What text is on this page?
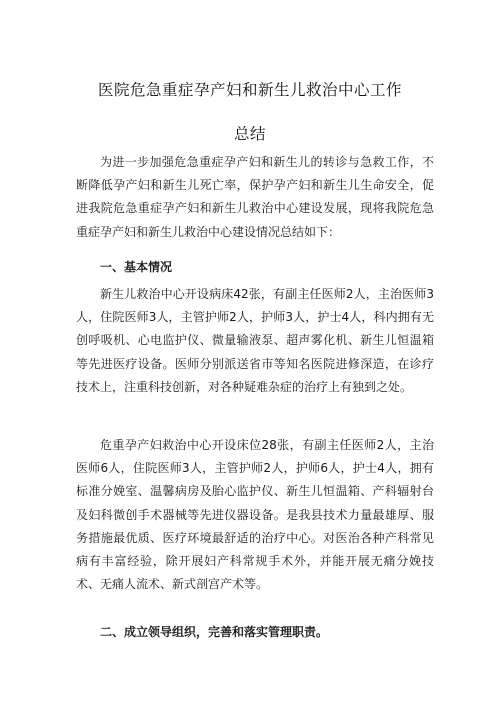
医院危急重症孕产妇和新生儿救治中心工作
总结

为进一步加强危急重症孕产妇和新生儿的转诊与急救工作，不断降低孕产妇和新生儿死亡率，保护孕产妇和新生儿生命安全，促进我院危急重症孕产妇和新生儿救治中心建设发展，现将我院危急重症孕产妇和新生儿救治中心建设情况总结如下：

一、基本情况

新生儿救治中心开设病床42张，有副主任医师2人，主治医师3人，住院医师3人，主管护师2人，护师3人，护士4人，科内拥有无创呼吸机、心电监护仪、微量输液泵、超声雾化机、新生儿恒温箱等先进医疗设备。医师分别派送省市等知名医院进修深造，在诊疗技术上，注重科技创新，对各种疑难杂症的治疗上有独到之处。

危重孕产妇救治中心开设床位28张，有副主任医师2人，主治医师6人，住院医师3人，主管护师2人，护师6人，护士4人，拥有标准分娩室、温馨病房及胎心监护仪、新生儿恒温箱、产科辐射台及妇科微创手术器械等先进仪器设备。是我县技术力量最雄厚、服务措施最优质、医疗环境最舒适的治疗中心。对医治各种产科常见病有丰富经验，除开展妇产科常规手术外，并能开展无痛分娩技术、无痛人流术、新式剖宫产术等。

二、成立领导组织，完善和落实管理职责。
